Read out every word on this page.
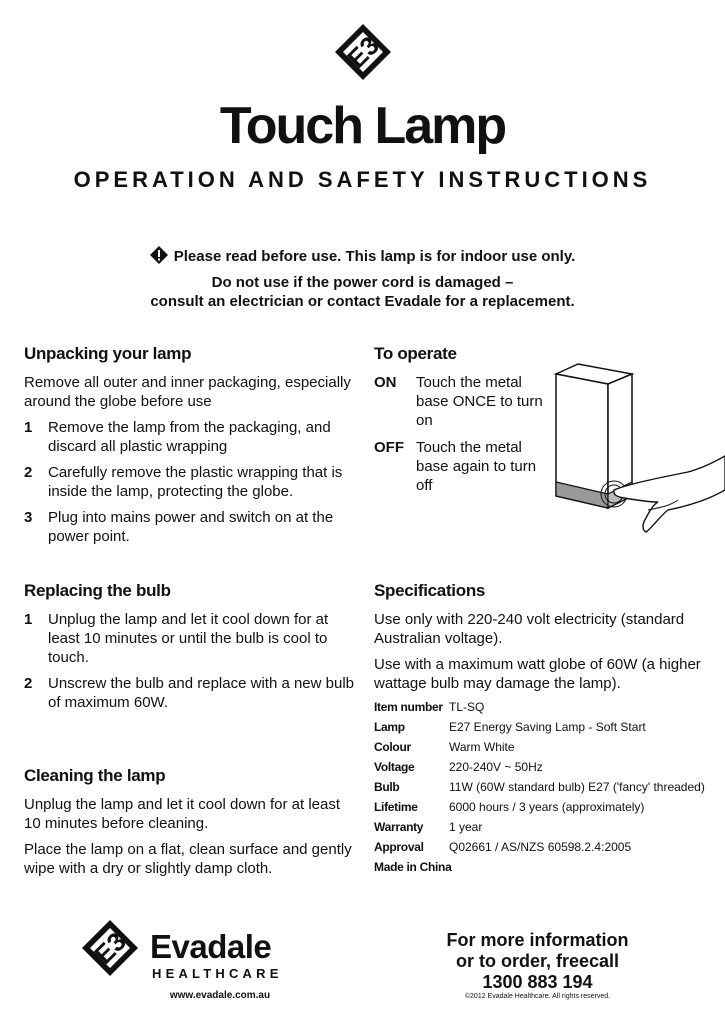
E3
Touch Lamp
OPERATION AND SAFETY INSTRUCTIONS
Please read before use. This lamp is for indoor use only.
Do not use if the power cord is damaged –
consult an electrician or contact Evadale for a replacement.
Unpacking your lamp

Remove all outer and inner packaging, especially around the globe before use

1	Remove the lamp from the packaging, and discard all plastic wrapping
2	Carefully remove the plastic wrapping that is inside the lamp, protecting the globe.
3	Plug into mains power and switch on at the power point.
To operate
ON	Touch the metal base ONCE to turn on
OFF Touch the metal base again to turn off
Replacing the bulb
1	Unplug the lamp and let it cool down for at least 10 minutes or until the bulb is cool to touch.
2	Unscrew the bulb and replace with a new bulb of maximum 60W.
Cleaning the lamp

Unplug the lamp and let it cool down for at least 10 minutes before cleaning.

Place the lamp on a flat, clean surface and gently wipe with a dry or slightly damp cloth.

Specifications

Use only with 220-240 volt electricity (standard Australian voltage).

Use with a maximum watt globe of 60W (a higher wattage bulb may damage the lamp).

Item number TL-SQ
Lamp	E27 Energy Saving Lamp - Soft Start
Colour	Warm White
Voltage	220-240V ~ 50Hz
Bulb	11W (60W standard bulb) E27 ('fancy' threaded)
Lifetime	6000 hours / 3 years (approximately)
Warranty	1 year
Approval	Q02661 / AS/NZS 60598.2.4:2005
Made in China
E3 Evadale
HEALTHCARE
www.evadale.com.au
For more information
or to order, freecall
1300 883 194
©2012 Evadale Healthcare. All rights reserved.
